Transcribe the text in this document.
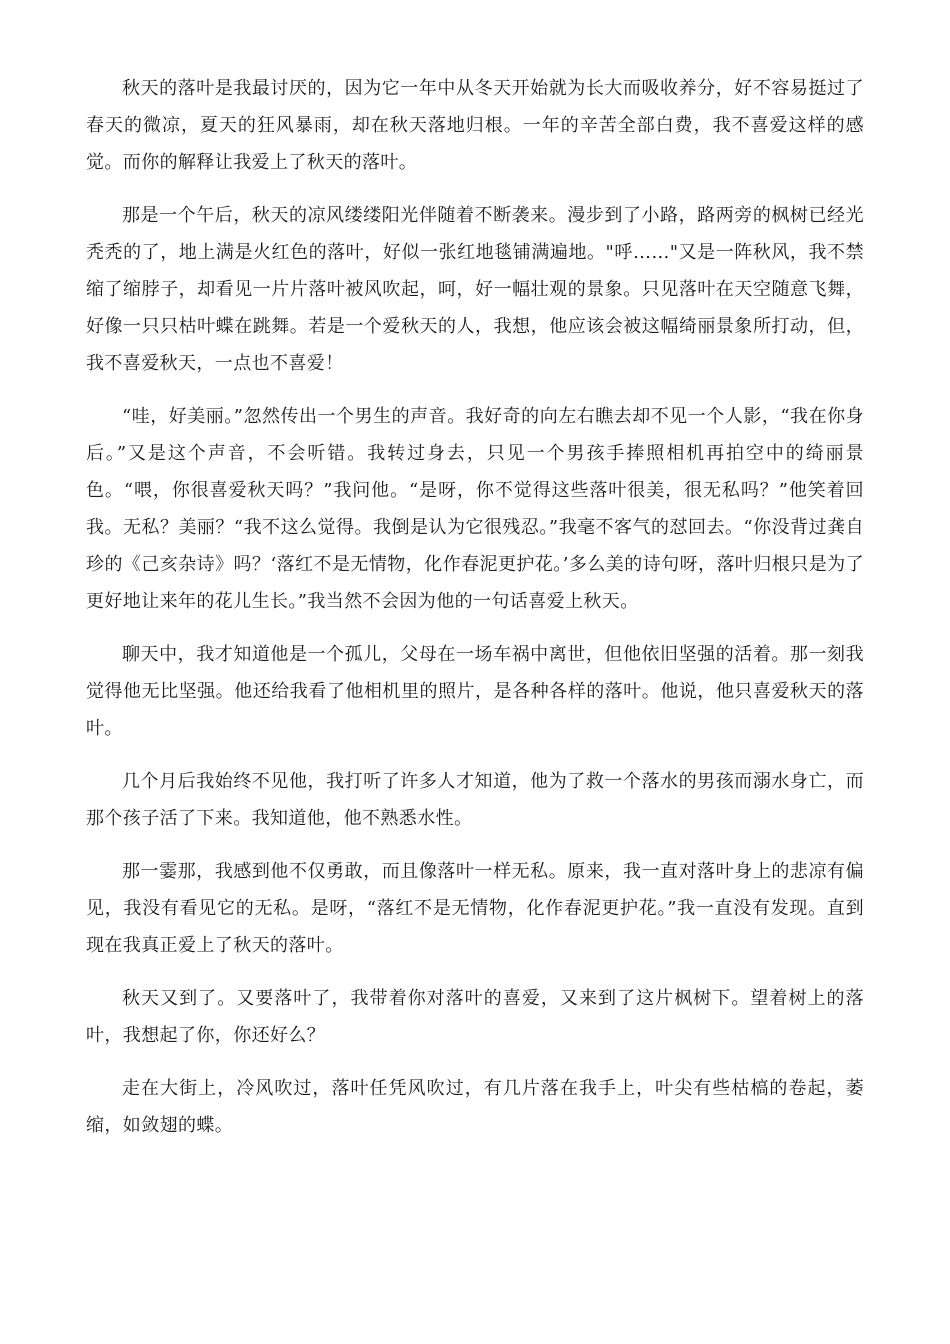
秋天的落叶是我最讨厌的，因为它一年中从冬天开始就为长大而吸收养分，好不容易挺过了春天的微凉，夏天的狂风暴雨，却在秋天落地归根。一年的辛苦全部白费，我不喜爱这样的感觉。而你的解释让我爱上了秋天的落叶。

那是一个午后，秋天的凉风缕缕阳光伴随着不断袭来。漫步到了小路，路两旁的枫树已经光秃秃的了，地上满是火红色的落叶，好似一张红地毯铺满遍地。"呼……"又是一阵秋风，我不禁缩了缩脖子，却看见一片片落叶被风吹起，呵，好一幅壮观的景象。只见落叶在天空随意飞舞，好像一只只枯叶蝶在跳舞。若是一个爱秋天的人，我想，他应该会被这幅绮丽景象所打动，但，我不喜爱秋天，一点也不喜爱！

“哇，好美丽。”忽然传出一个男生的声音。我好奇的向左右瞧去却不见一个人影，“我在你身后。”又是这个声音，不会听错。我转过身去，只见一个男孩手捧照相机再拍空中的绮丽景色。“喂，你很喜爱秋天吗？”我问他。“是呀，你不觉得这些落叶很美，很无私吗？”他笑着回我。无私？美丽？“我不这么觉得。我倒是认为它很残忍。”我毫不客气的怼回去。“你没背过龚自珍的《己亥杂诗》吗？‘落红不是无情物，化作春泥更护花。’多么美的诗句呀，落叶归根只是为了更好地让来年的花儿生长。”我当然不会因为他的一句话喜爱上秋天。

聊天中，我才知道他是一个孤儿，父母在一场车祸中离世，但他依旧坚强的活着。那一刻我觉得他无比坚强。他还给我看了他相机里的照片，是各种各样的落叶。他说，他只喜爱秋天的落叶。

几个月后我始终不见他，我打听了许多人才知道，他为了救一个落水的男孩而溺水身亡，而那个孩子活了下来。我知道他，他不熟悉水性。

那一霎那，我感到他不仅勇敢，而且像落叶一样无私。原来，我一直对落叶身上的悲凉有偏见，我没有看见它的无私。是呀，“落红不是无情物，化作春泥更护花。”我一直没有发现。直到现在我真正爱上了秋天的落叶。

秋天又到了。又要落叶了，我带着你对落叶的喜爱，又来到了这片枫树下。望着树上的落叶，我想起了你，你还好么？

走在大街上，冷风吹过，落叶任凭风吹过，有几片落在我手上，叶尖有些枯槁的卷起，萎缩，如敛翅的蝶。
